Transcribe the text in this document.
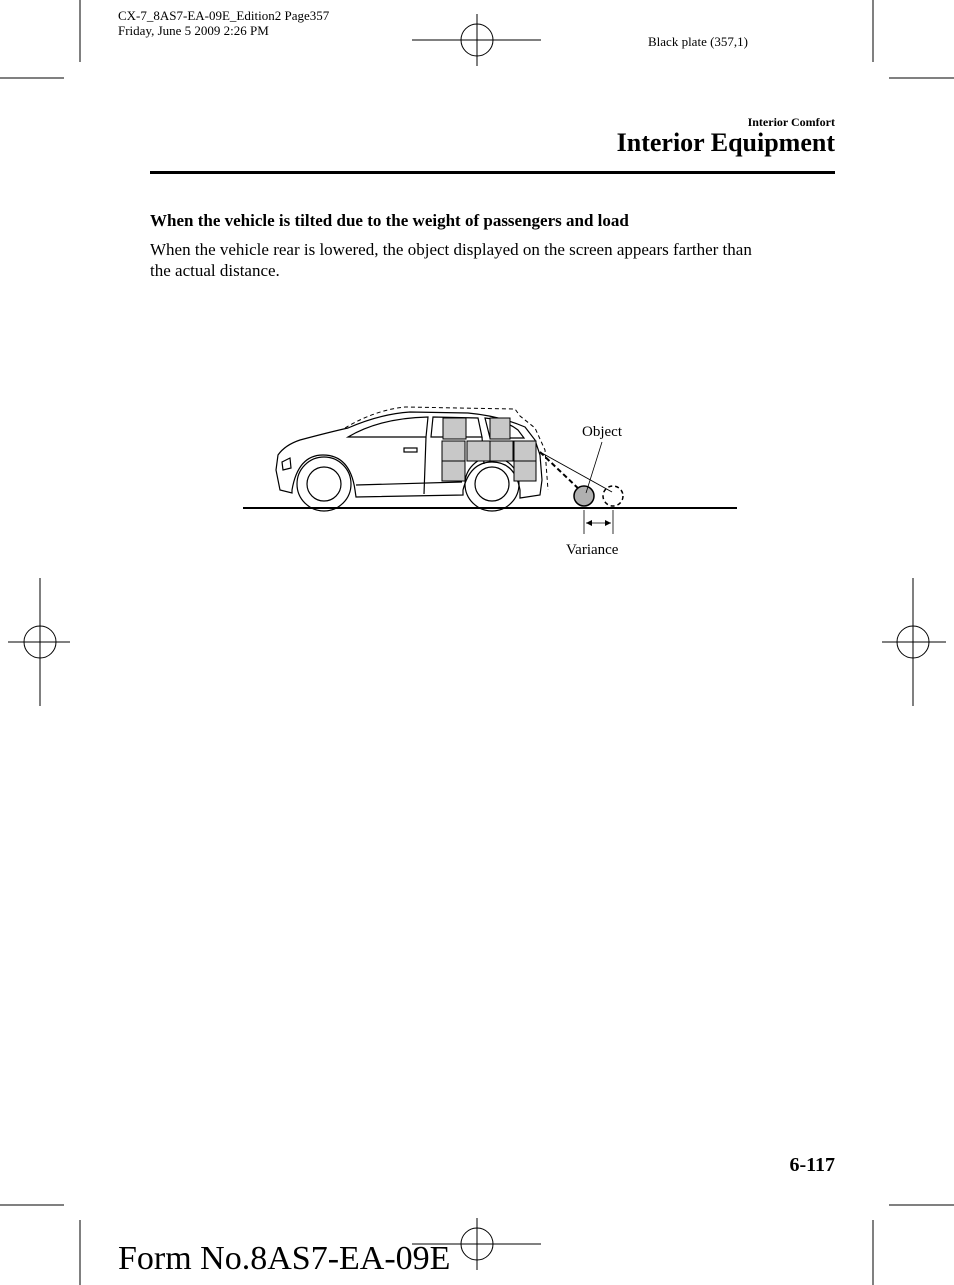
CX-7_8AS7-EA-09E_Edition2 Page357
Friday, June 5 2009 2:26 PM
Black plate (357,1)
Interior Comfort
Interior Equipment
When the vehicle is tilted due to the weight of passengers and load
When the vehicle rear is lowered, the object displayed on the screen appears farther than
the actual distance.
Object
Variance
6-117
Form No.8AS7-EA-09E
